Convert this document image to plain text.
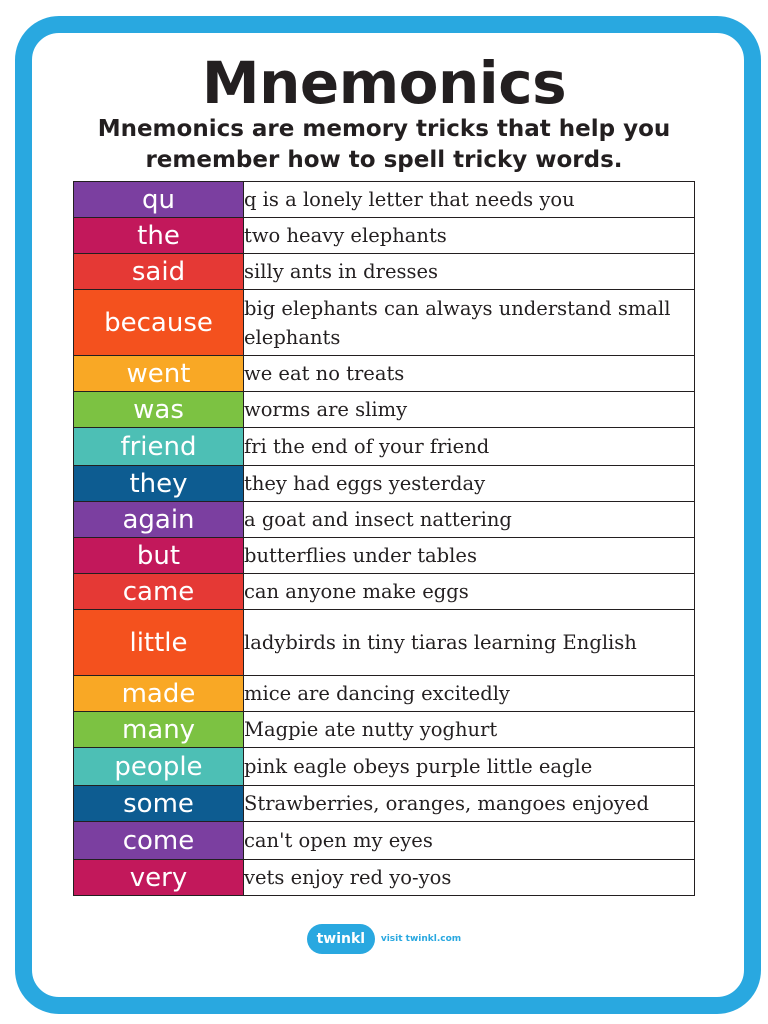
Mnemonics
Mnemonics are memory tricks that help you remember how to spell tricky words.
qu	q is a lonely letter that needs you
the	two heavy elephants
said	silly ants in dresses
because	big elephants can always understand small elephants
went	we eat no treats
was	worms are slimy
friend	fri the end of your friend
they	they had eggs yesterday
again	a goat and insect nattering
but	butterflies under tables
came	can anyone make eggs
little	ladybirds in tiny tiaras learning English
made	mice are dancing excitedly
many	Magpie ate nutty yoghurt
people	pink eagle obeys purple little eagle
some	Strawberries, oranges, mangoes enjoyed
come	can't open my eyes
very	vets enjoy red yo-yos
twinkl visit twinkl.com
